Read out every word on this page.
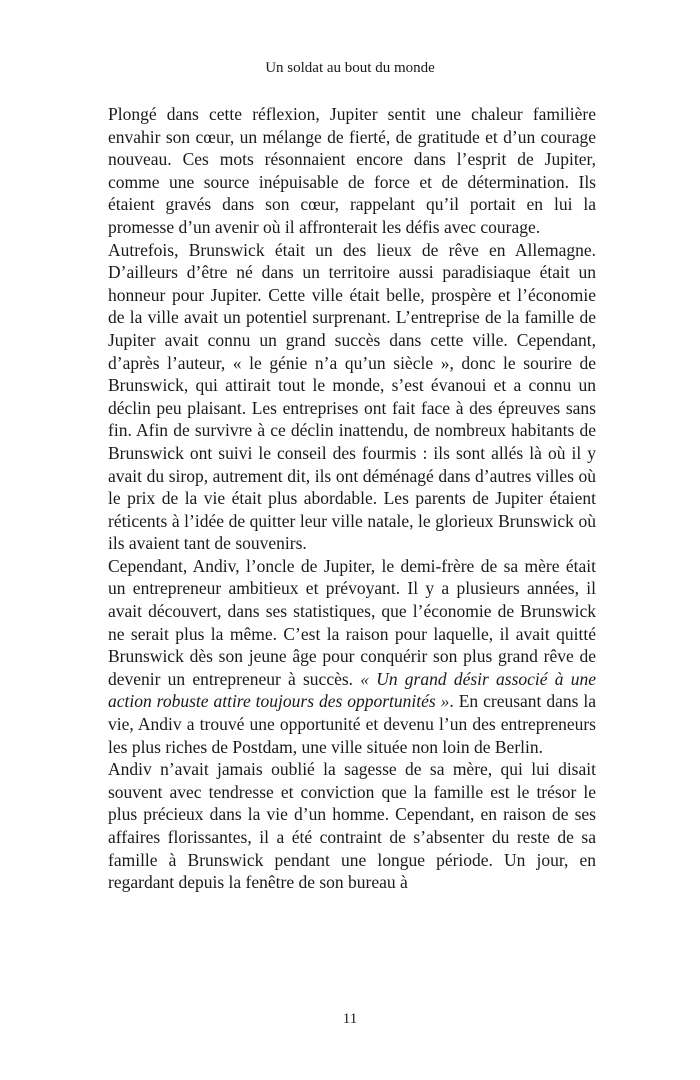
Un soldat au bout du monde

Plongé dans cette réflexion, Jupiter sentit une chaleur familière envahir son cœur, un mélange de fierté, de gratitude et d’un courage nouveau. Ces mots résonnaient encore dans l’esprit de Jupiter, comme une source inépuisable de force et de détermination. Ils étaient gravés dans son cœur, rappelant qu’il portait en lui la promesse d’un avenir où il affronterait les défis avec courage.

Autrefois, Brunswick était un des lieux de rêve en Allemagne. D’ailleurs d’être né dans un territoire aussi paradisiaque était un honneur pour Jupiter. Cette ville était belle, prospère et l’économie de la ville avait un potentiel surprenant. L’entreprise de la famille de Jupiter avait connu un grand succès dans cette ville. Cependant, d’après l’auteur, « le génie n’a qu’un siècle », donc le sourire de Brunswick, qui attirait tout le monde, s’est évanoui et a connu un déclin peu plaisant. Les entreprises ont fait face à des épreuves sans fin. Afin de survivre à ce déclin inattendu, de nombreux habitants de Brunswick ont suivi le conseil des fourmis : ils sont allés là où il y avait du sirop, autrement dit, ils ont déménagé dans d’autres villes où le prix de la vie était plus abordable. Les parents de Jupiter étaient réticents à l’idée de quitter leur ville natale, le glorieux Brunswick où ils avaient tant de souvenirs.

Cependant, Andiv, l’oncle de Jupiter, le demi-frère de sa mère était un entrepreneur ambitieux et prévoyant. Il y a plusieurs années, il avait découvert, dans ses statistiques, que l’économie de Brunswick ne serait plus la même. C’est la raison pour laquelle, il avait quitté Brunswick dès son jeune âge pour conquérir son plus grand rêve de devenir un entrepreneur à succès. « Un grand désir associé à une action robuste attire toujours des opportunités ». En creusant dans la vie, Andiv a trouvé une opportunité et devenu l’un des entrepreneurs les plus riches de Postdam, une ville située non loin de Berlin.

Andiv n’avait jamais oublié la sagesse de sa mère, qui lui disait souvent avec tendresse et conviction que la famille est le trésor le plus précieux dans la vie d’un homme. Cependant, en raison de ses affaires florissantes, il a été contraint de s’absenter du reste de sa famille à Brunswick pendant une longue période. Un jour, en regardant depuis la fenêtre de son bureau à

11
